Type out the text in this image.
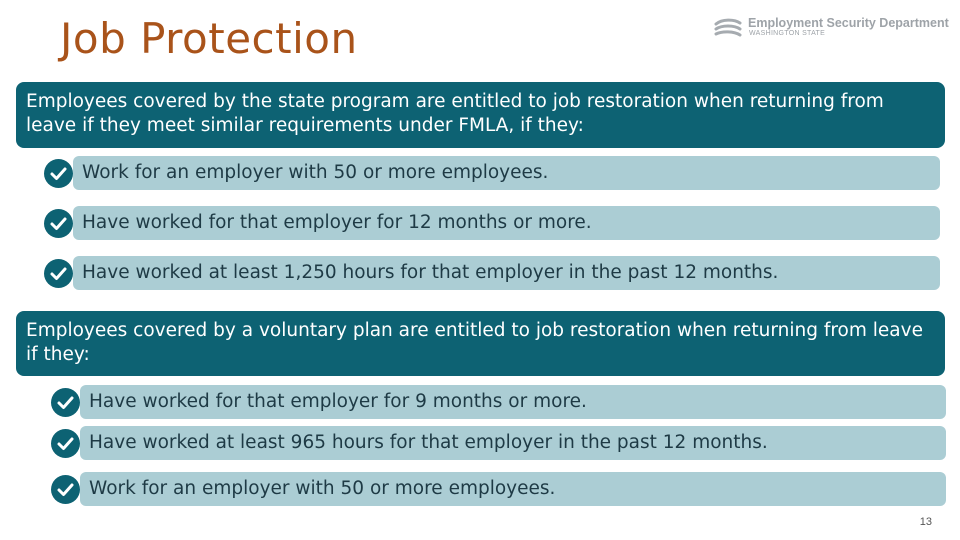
Job Protection	Employment Security Department
WASHINGTON STATE
Employees covered by the state program are entitled to job restoration when returning from leave if they meet similar requirements under FMLA, if they:
Work for an employer with 50 or more employees.
Have worked for that employer for 12 months or more.
Have worked at least 1,250 hours for that employer in the past 12 months.
Employees covered by a voluntary plan are entitled to job restoration when returning from leave if they:
Have worked for that employer for 9 months or more.
Have worked at least 965 hours for that employer in the past 12 months.
Work for an employer with 50 or more employees.
13
